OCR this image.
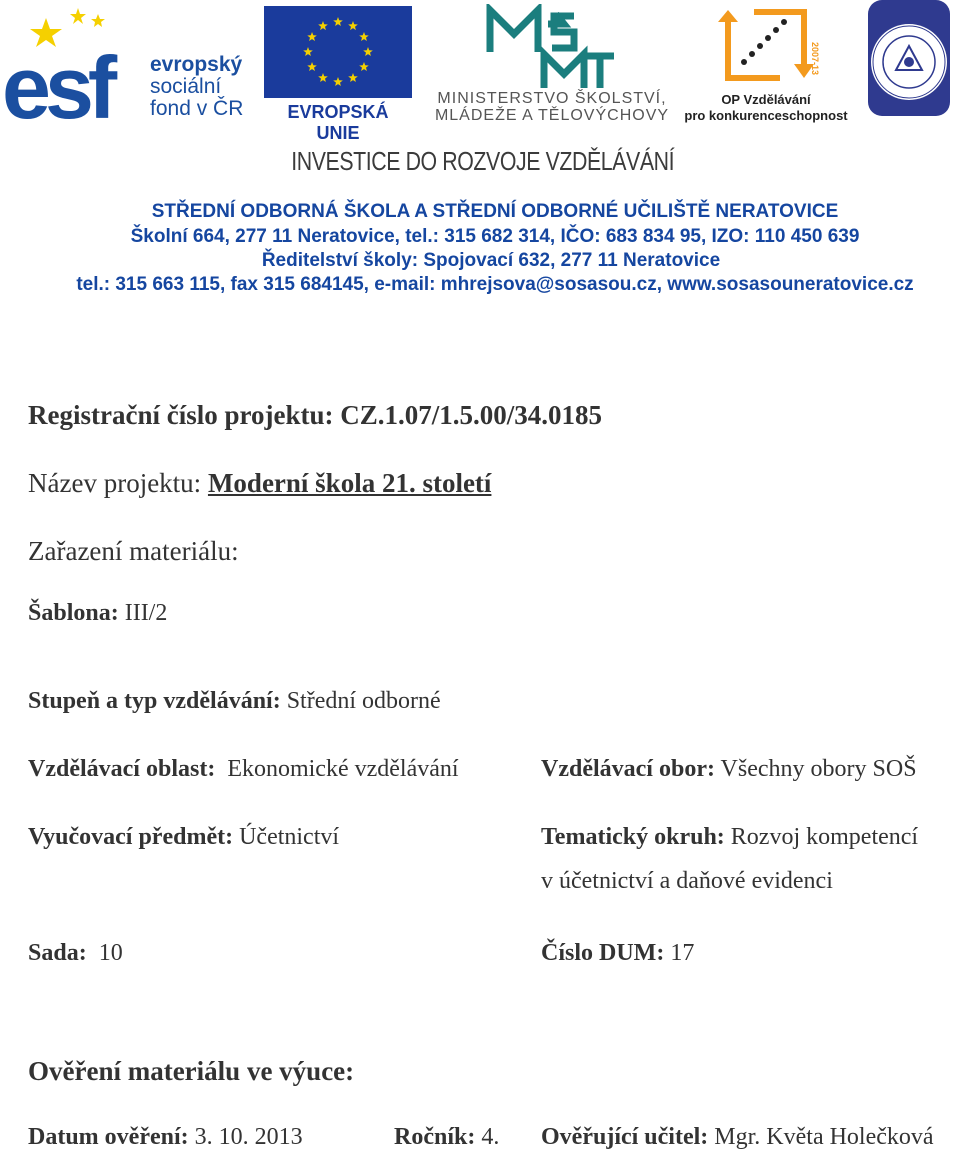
esf	evropský
sociální
fond v ČR	EVROPSKÁ UNIE
MINISTERSTVO ŠKOLSTVÍ,
MLÁDEŽE A TĚLOVÝCHOVY
2007-13
OP Vzdělávání
pro konkurenceschopnost
INVESTICE DO ROZVOJE VZDĚLÁVÁNÍ
STŘEDNÍ ODBORNÁ ŠKOLA A STŘEDNÍ ODBORNÉ UČILIŠTĚ NERATOVICE
Školní 664, 277 11 Neratovice, tel.: 315 682 314, IČO: 683 834 95, IZO: 110 450 639
Ředitelství školy: Spojovací 632, 277 11 Neratovice
tel.: 315 663 115, fax 315 684145, e-mail: mhrejsova@sosasou.cz, www.sosasouneratovice.cz
Registrační číslo projektu: CZ.1.07/1.5.00/34.0185
Název projektu: Moderní škola 21. století
Zařazení materiálu:
Šablona: III/2
Stupeň a typ vzdělávání: Střední odborné
Vzdělávací oblast: Ekonomické vzdělávání	Vzdělávací obor: Všechny obory SOŠ
Vyučovací předmět: Účetnictví	Tematický okruh: Rozvoj kompetencí
v účetnictví a daňové evidenci
Sada: 10	Číslo DUM: 17
Ověření materiálu ve výuce:
Datum ověření: 3. 10. 2013	Ročník: 4. Ověřující učitel: Mgr. Květa Holečková
